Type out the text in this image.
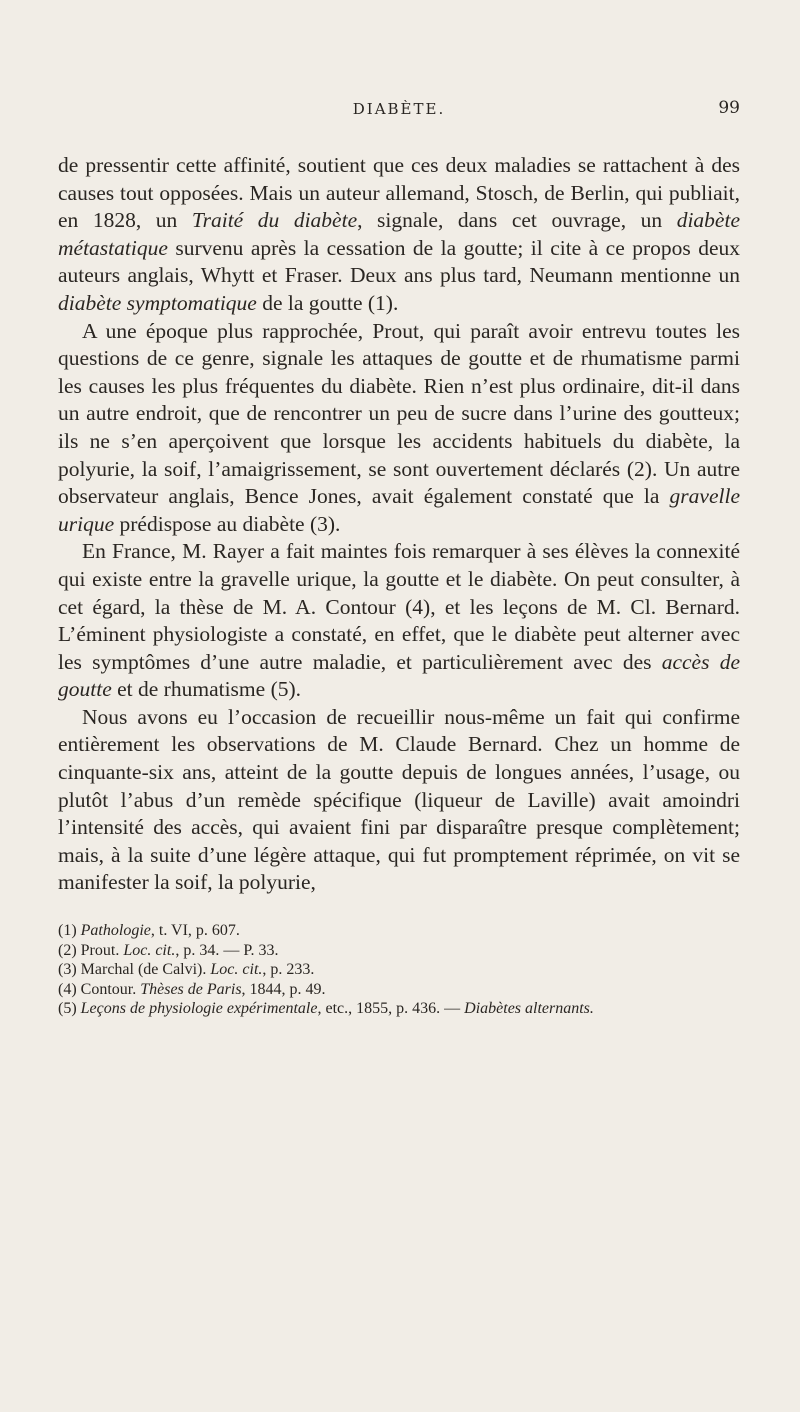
DIABÈTE.	99

de pressentir cette affinité, soutient que ces deux maladies se rattachent à des causes tout opposées. Mais un auteur allemand, Stosch, de Berlin, qui publiait, en 1828, un Traité du diabète, signale, dans cet ouvrage, un diabète métastatique survenu après la cessation de la goutte; il cite à ce propos deux auteurs anglais, Whytt et Fraser. Deux ans plus tard, Neumann mentionne un diabète symptomatique de la goutte (1).

A une époque plus rapprochée, Prout, qui paraît avoir entrevu toutes les questions de ce genre, signale les attaques de goutte et de rhumatisme parmi les causes les plus fréquentes du diabète. Rien n’est plus ordinaire, dit-il dans un autre endroit, que de rencontrer un peu de sucre dans l’urine des goutteux; ils ne s’en aperçoivent que lorsque les accidents habituels du diabète, la polyurie, la soif, l’amaigrissement, se sont ouvertement déclarés (2). Un autre observateur anglais, Bence Jones, avait également constaté que la gravelle urique prédispose au diabète (3).

En France, M. Rayer a fait maintes fois remarquer à ses élèves la connexité qui existe entre la gravelle urique, la goutte et le diabète. On peut consulter, à cet égard, la thèse de M. A. Contour (4), et les leçons de M. Cl. Bernard. L’éminent physiologiste a constaté, en effet, que le diabète peut alterner avec les symptômes d’une autre maladie, et particulièrement avec des accès de goutte et de rhumatisme (5).

Nous avons eu l’occasion de recueillir nous-même un fait qui confirme entièrement les observations de M. Claude Bernard. Chez un homme de cinquante-six ans, atteint de la goutte depuis de longues années, l’usage, ou plutôt l’abus d’un remède spécifique (liqueur de Laville) avait amoindri l’intensité des accès, qui avaient fini par disparaître presque complètement; mais, à la suite d’une légère attaque, qui fut promptement réprimée, on vit se manifester la soif, la polyurie,

(1) Pathologie, t. VI, p. 607.

(2) Prout. Loc. cit., p. 34. — P. 33.

(3) Marchal (de Calvi). Loc. cit., p. 233.

(4) Contour. Thèses de Paris, 1844, p. 49.

(5) Leçons de physiologie expérimentale, etc., 1855, p. 436. — Diabètes alternants.
